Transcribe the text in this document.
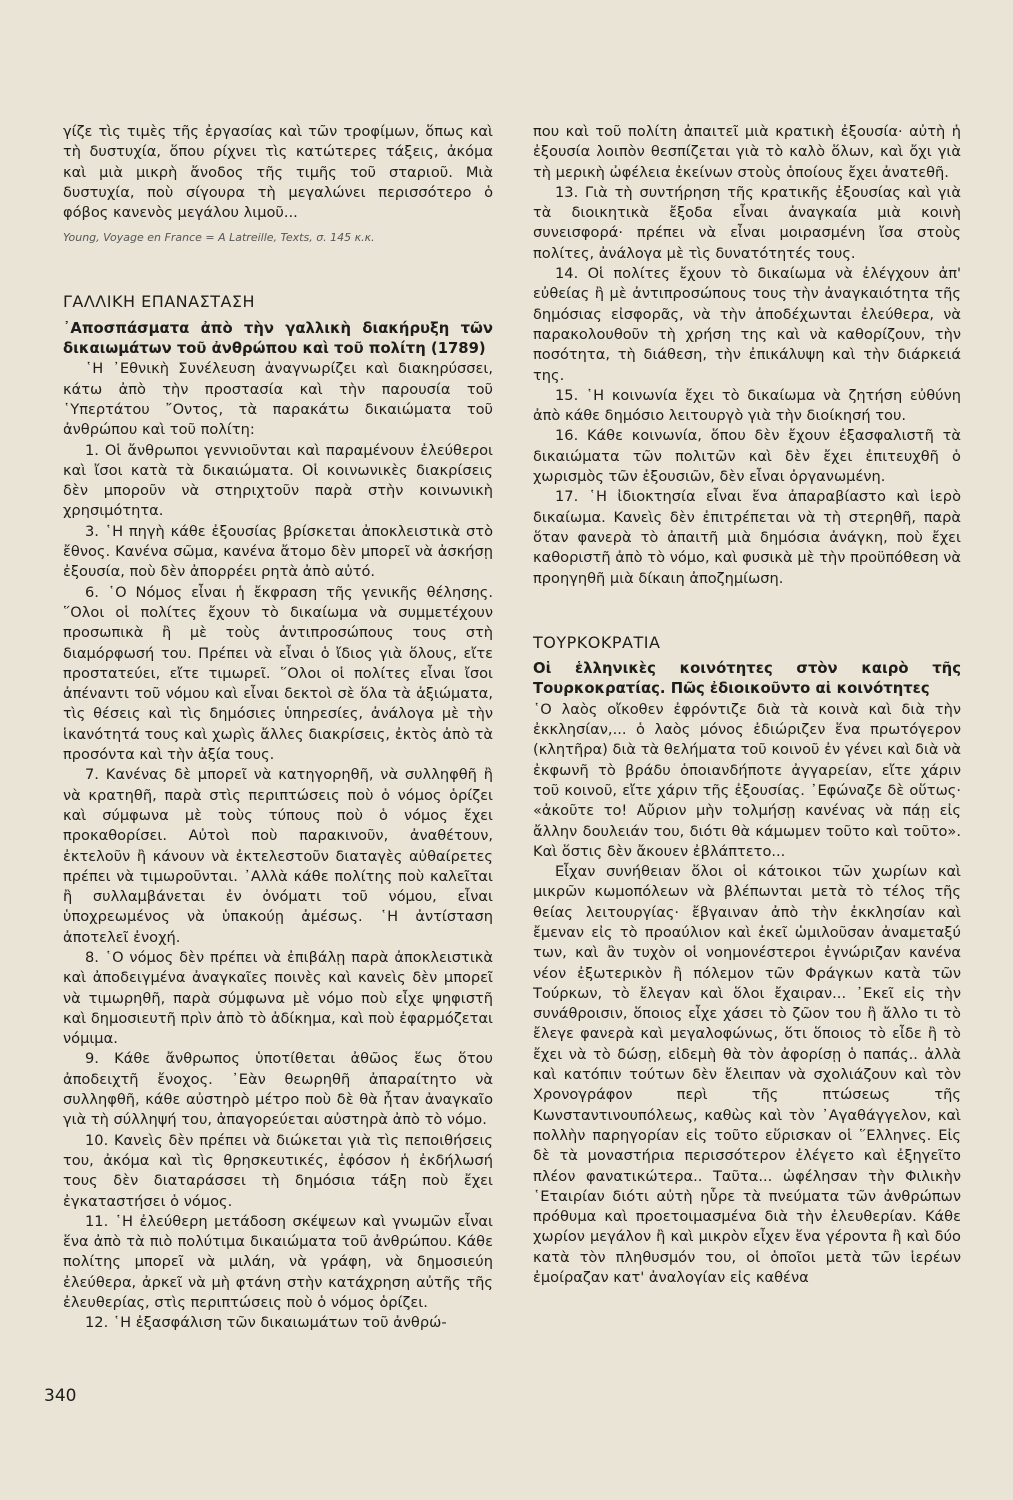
γίζε τὶς τιμὲς τῆς ἐργασίας καὶ τῶν τροφίμων, ὅπως καὶ τὴ δυστυχία, ὅπου ρίχνει τὶς κατώτερες τάξεις, ἀκόμα καὶ μιὰ μικρὴ ἄνοδος τῆς τιμῆς τοῦ σταριοῦ. Μιὰ δυστυχία, ποὺ σίγουρα τὴ μεγαλώνει περισσότερο ὁ φόβος κανενὸς μεγάλου λιμοῦ...

Young, Voyage en France = A Latreille, Texts, σ. 145 κ.κ.

ΓΑΛΛΙΚΗ ΕΠΑΝΑΣΤΑΣΗ

᾿Αποσπάσματα ἀπὸ τὴν γαλλικὴ διακήρυξη τῶν δικαιωμάτων τοῦ ἀνθρώπου καὶ τοῦ πολίτη (1789)

῾Η ᾿Εθνικὴ Συνέλευση ἀναγνωρίζει καὶ διακηρύσσει, κάτω ἀπὸ τὴν προστασία καὶ τὴν παρουσία τοῦ ῾Υπερτάτου ῎Οντος, τὰ παρακάτω δικαιώματα τοῦ ἀνθρώπου καὶ τοῦ πολίτη:

1. Οἱ ἄνθρωποι γεννιοῦνται καὶ παραμένουν ἐλεύθεροι καὶ ἴσοι κατὰ τὰ δικαιώματα. Οἱ κοινωνικὲς διακρίσεις δὲν μποροῦν νὰ στηριχτοῦν παρὰ στὴν κοινωνικὴ χρησιμότητα.

3. ῾Η πηγὴ κάθε ἐξουσίας βρίσκεται ἀποκλειστικὰ στὸ ἔθνος. Κανένα σῶμα, κανένα ἄτομο δὲν μπορεῖ νὰ ἀσκήσῃ ἐξουσία, ποὺ δὲν ἀπορρέει ρητὰ ἀπὸ αὐτό.

6. ῾Ο Νόμος εἶναι ἡ ἔκφραση τῆς γενικῆς θέλησης. ῞Ολοι οἱ πολίτες ἔχουν τὸ δικαίωμα νὰ συμμετέχουν προσωπικὰ ἢ μὲ τοὺς ἀντιπροσώπους τους στὴ διαμόρφωσή του. Πρέπει νὰ εἶναι ὁ ἴδιος γιὰ ὅλους, εἴτε προστατεύει, εἴτε τιμωρεῖ. ῞Ολοι οἱ πολίτες εἶναι ἴσοι ἀπέναντι τοῦ νόμου καὶ εἶναι δεκτοὶ σὲ ὅλα τὰ ἀξιώματα, τὶς θέσεις καὶ τὶς δημόσιες ὑπηρεσίες, ἀνάλογα μὲ τὴν ἱκανότητά τους καὶ χωρὶς ἄλλες διακρίσεις, ἐκτὸς ἀπὸ τὰ προσόντα καὶ τὴν ἀξία τους.

7. Κανένας δὲ μπορεῖ νὰ κατηγορηθῆ, νὰ συλληφθῆ ἢ νὰ κρατηθῆ, παρὰ στὶς περιπτώσεις ποὺ ὁ νόμος ὁρίζει καὶ σύμφωνα μὲ τοὺς τύπους ποὺ ὁ νόμος ἔχει προκαθορίσει. Αὐτοὶ ποὺ παρακινοῦν, ἀναθέτουν, ἐκτελοῦν ἢ κάνουν νὰ ἐκτελεστοῦν διαταγὲς αὐθαίρετες πρέπει νὰ τιμωροῦνται. ᾿Αλλὰ κάθε πολίτης ποὺ καλεῖται ἢ συλλαμβάνεται ἐν ὀνόματι τοῦ νόμου, εἶναι ὑποχρεωμένος νὰ ὑπακούῃ ἀμέσως. ῾Η ἀντίσταση ἀποτελεῖ ἐνοχή.

8. ῾Ο νόμος δὲν πρέπει νὰ ἐπιβάλῃ παρὰ ἀποκλειστικὰ καὶ ἀποδειγμένα ἀναγκαῖες ποινὲς καὶ κανεὶς δὲν μπορεῖ νὰ τιμωρηθῆ, παρὰ σύμφωνα μὲ νόμο ποὺ εἶχε ψηφιστῆ καὶ δημοσιευτῆ πρὶν ἀπὸ τὸ ἀδίκημα, καὶ ποὺ ἐφαρμόζεται νόμιμα.

9. Κάθε ἄνθρωπος ὑποτίθεται ἀθῶος ἕως ὅτου ἀποδειχτῆ ἔνοχος. ᾿Εὰν θεωρηθῆ ἀπαραίτητο νὰ συλληφθῆ, κάθε αὐστηρὸ μέτρο ποὺ δὲ θὰ ἦταν ἀναγκαῖο γιὰ τὴ σύλληψή του, ἀπαγορεύεται αὐστηρὰ ἀπὸ τὸ νόμο.

10. Κανεὶς δὲν πρέπει νὰ διώκεται γιὰ τὶς πεποιθήσεις του, ἀκόμα καὶ τὶς θρησκευτικές, ἐφόσον ἡ ἐκδήλωσή τους δὲν διαταράσσει τὴ δημόσια τάξη ποὺ ἔχει ἐγκαταστήσει ὁ νόμος.

11. ῾Η ἐλεύθερη μετάδοση σκέψεων καὶ γνωμῶν εἶναι ἕνα ἀπὸ τὰ πιὸ πολύτιμα δικαιώματα τοῦ ἀνθρώπου. Κάθε πολίτης μπορεῖ νὰ μιλάη, νὰ γράφη, νὰ δημοσιεύη ἐλεύθερα, ἀρκεῖ νὰ μὴ φτάνη στὴν κατάχρηση αὐτῆς τῆς ἐλευθερίας, στὶς περιπτώσεις ποὺ ὁ νόμος ὁρίζει.

12. ῾Η ἐξασφάλιση τῶν δικαιωμάτων τοῦ ἀνθρώ-

που καὶ τοῦ πολίτη ἀπαιτεῖ μιὰ κρατικὴ ἐξουσία· αὐτὴ ἡ ἐξουσία λοιπὸν θεσπίζεται γιὰ τὸ καλὸ ὅλων, καὶ ὄχι γιὰ τὴ μερικὴ ὠφέλεια ἐκείνων στοὺς ὁποίους ἔχει ἀνατεθῆ.

13. Γιὰ τὴ συντήρηση τῆς κρατικῆς ἐξουσίας καὶ γιὰ τὰ διοικητικὰ ἔξοδα εἶναι ἀναγκαία μιὰ κοινὴ συνεισφορά· πρέπει νὰ εἶναι μοιρασμένη ἴσα στοὺς πολίτες, ἀνάλογα μὲ τὶς δυνατότητές τους.

14. Οἱ πολίτες ἔχουν τὸ δικαίωμα νὰ ἐλέγχουν ἀπ' εὐθείας ἢ μὲ ἀντιπροσώπους τους τὴν ἀναγκαιότητα τῆς δημόσιας εἰσφορᾶς, νὰ τὴν ἀποδέχωνται ἐλεύθερα, νὰ παρακολουθοῦν τὴ χρήση της καὶ νὰ καθορίζουν, τὴν ποσότητα, τὴ διάθεση, τὴν ἐπικάλυψη καὶ τὴν διάρκειά της.

15. ῾Η κοινωνία ἔχει τὸ δικαίωμα νὰ ζητήση εὐθύνη ἀπὸ κάθε δημόσιο λειτουργὸ γιὰ τὴν διοίκησή του.

16. Κάθε κοινωνία, ὅπου δὲν ἔχουν ἐξασφαλιστῆ τὰ δικαιώματα τῶν πολιτῶν καὶ δὲν ἔχει ἐπιτευχθῆ ὁ χωρισμὸς τῶν ἐξουσιῶν, δὲν εἶναι ὀργανωμένη.

17. ῾Η ἰδιοκτησία εἶναι ἕνα ἀπαραβίαστο καὶ ἱερὸ δικαίωμα. Κανεὶς δὲν ἐπιτρέπεται νὰ τὴ στερηθῆ, παρὰ ὅταν φανερὰ τὸ ἀπαιτῆ μιὰ δημόσια ἀνάγκη, ποὺ ἔχει καθοριστῆ ἀπὸ τὸ νόμο, καὶ φυσικὰ μὲ τὴν προϋπόθεση νὰ προηγηθῆ μιὰ δίκαιη ἀποζημίωση.

ΤΟΥΡΚΟΚΡΑΤΙΑ

Οἱ ἑλληνικὲς κοινότητες στὸν καιρὸ τῆς Τουρκοκρατίας. Πῶς ἐδιοικοῦντο αἱ κοινότητες

῾Ο λαὸς οἴκοθεν ἐφρόντιζε διὰ τὰ κοινὰ καὶ διὰ τὴν ἐκκλησίαν,... ὁ λαὸς μόνος ἐδιώριζεν ἕνα πρωτόγερον (κλητῆρα) διὰ τὰ θελήματα τοῦ κοινοῦ ἐν γένει καὶ διὰ νὰ ἐκφωνῆ τὸ βράδυ ὁποιανδήποτε ἀγγαρείαν, εἴτε χάριν τοῦ κοινοῦ, εἴτε χάριν τῆς ἐξουσίας. ᾿Εφώναζε δὲ οὕτως· «ἀκοῦτε το! Αὔριον μὴν τολμήσῃ κανένας νὰ πάῃ εἰς ἄλλην δουλειάν του, διότι θὰ κάμωμεν τοῦτο καὶ τοῦτο». Καὶ ὅστις δὲν ἄκουεν ἐβλάπτετο...

Εἶχαν συνήθειαν ὅλοι οἱ κάτοικοι τῶν χωρίων καὶ μικρῶν κωμοπόλεων νὰ βλέπωνται μετὰ τὸ τέλος τῆς θείας λειτουργίας· ἔβγαιναν ἀπὸ τὴν ἐκκλησίαν καὶ ἔμεναν εἰς τὸ προαύλιον καὶ ἐκεῖ ὡμιλοῦσαν ἀναμεταξύ των, καὶ ἂν τυχὸν οἱ νοημονέστεροι ἐγνώριζαν κανένα νέον ἐξωτερικὸν ἢ πόλεμον τῶν Φράγκων κατὰ τῶν Τούρκων, τὸ ἔλεγαν καὶ ὅλοι ἔχαιραν... ᾿Εκεῖ εἰς τὴν συνάθροισιν, ὅποιος εἶχε χάσει τὸ ζῶον του ἢ ἄλλο τι τὸ ἔλεγε φανερὰ καὶ μεγαλοφώνως, ὅτι ὅποιος τὸ εἶδε ἢ τὸ ἔχει νὰ τὸ δώσῃ, εἰδεμὴ θὰ τὸν ἀφορίσῃ ὁ παπάς.. ἀλλὰ καὶ κατόπιν τούτων δὲν ἔλειπαν νὰ σχολιάζουν καὶ τὸν Χρονογράφον περὶ τῆς πτώσεως τῆς Κωνσταντινουπόλεως, καθὼς καὶ τὸν ᾿Αγαθάγγελον, καὶ πολλὴν παρηγορίαν εἰς τοῦτο εὕρισκαν οἱ ῞Ελληνες. Εἰς δὲ τὰ μοναστήρια περισσότερον ἐλέγετο καὶ ἐξηγεῖτο πλέον φανατικώτερα.. Ταῦτα... ὠφέλησαν τὴν Φιλικὴν ῾Εταιρίαν διότι αὐτὴ ηὗρε τὰ πνεύματα τῶν ἀνθρώπων πρόθυμα καὶ προετοιμασμένα διὰ τὴν ἐλευθερίαν. Κάθε χωρίον μεγάλον ἢ καὶ μικρὸν εἶχεν ἕνα γέροντα ἢ καὶ δύο κατὰ τὸν πληθυσμόν του, οἱ ὁποῖοι μετὰ τῶν ἱερέων ἐμοίραζαν κατ' ἀναλογίαν εἰς καθένα

340
